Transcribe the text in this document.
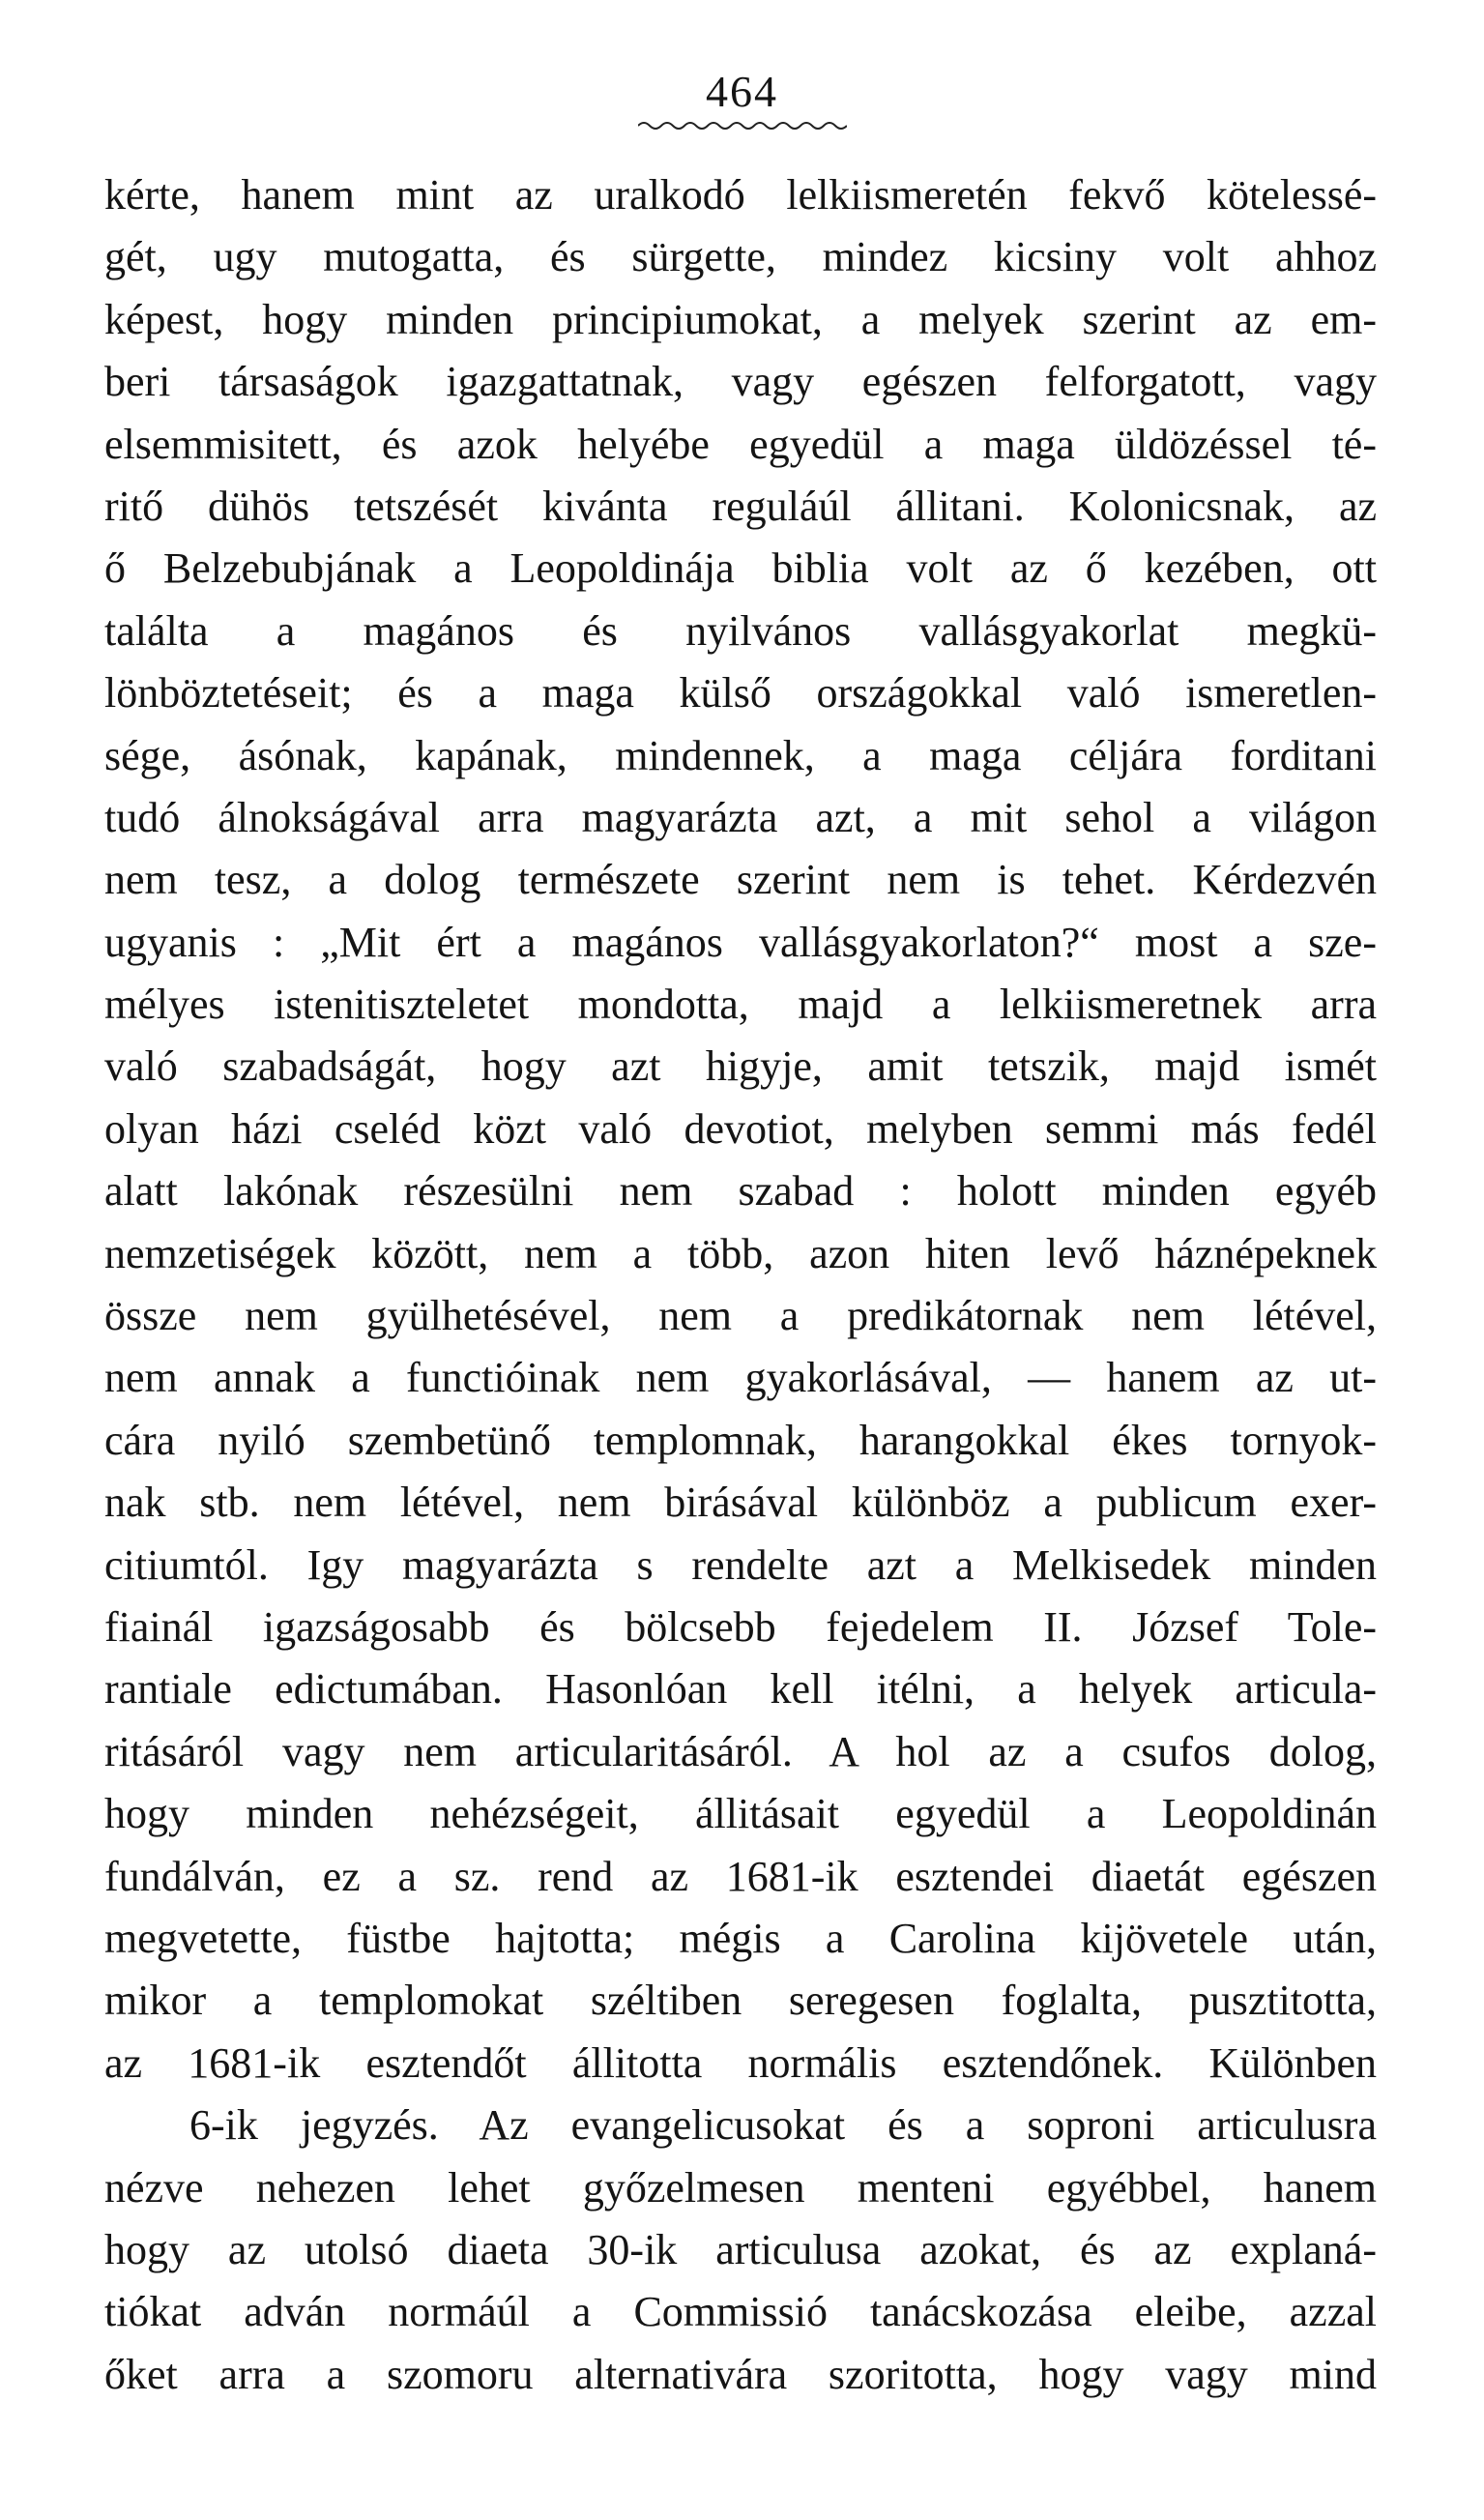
464
kérte, hanem mint az uralkodó lelkiismeretén fekvő kötelessé-
gét, ugy mutogatta, és sürgette, mindez kicsiny volt ahhoz
képest, hogy minden principiumokat, a melyek szerint az em-
beri társaságok igazgattatnak, vagy egészen felforgatott, vagy
elsemmisitett, és azok helyébe egyedül a maga üldözéssel té-
ritő dühös tetszését kivánta reguláúl állitani. Kolonicsnak, az
ő Belzebubjának a Leopoldinája biblia volt az ő kezében, ott
találta a magános és nyilvános vallásgyakorlat megkü-
lönböztetéseit; és a maga külső országokkal való ismeretlen-
sége, ásónak, kapának, mindennek, a maga céljára forditani
tudó álnokságával arra magyarázta azt, a mit sehol a világon
nem tesz, a dolog természete szerint nem is tehet. Kérdezvén
ugyanis : „Mit ért a magános vallásgyakorlaton?“ most a sze-
mélyes istenitiszteletet mondotta, majd a lelkiismeretnek arra
való szabadságát, hogy azt higyje, amit tetszik, majd ismét
olyan házi cseléd közt való devotiot, melyben semmi más fedél
alatt lakónak részesülni nem szabad : holott minden egyéb
nemzetiségek között, nem a több, azon hiten levő háznépeknek
össze nem gyülhetésével, nem a predikátornak nem létével,
nem annak a functióinak nem gyakorlásával, — hanem az ut-
cára nyiló szembetünő templomnak, harangokkal ékes tornyok-
nak stb. nem létével, nem birásával különböz a publicum exer-
citiumtól. Igy magyarázta s rendelte azt a Melkisedek minden
fiainál igazságosabb és bölcsebb fejedelem II. József Tole-
rantiale edictumában. Hasonlóan kell itélni, a helyek articula-
ritásáról vagy nem articularitásáról. A hol az a csufos dolog,
hogy minden nehézségeit, állitásait egyedül a Leopoldinán
fundálván, ez a sz. rend az 1681-ik esztendei diaetát egészen
megvetette, füstbe hajtotta; mégis a Carolina kijövetele után,
mikor a templomokat széltiben seregesen foglalta, pusztitotta,
az 1681-ik esztendőt állitotta normális esztendőnek. Különben
6-ik jegyzés. Az evangelicusokat és a soproni articulusra
nézve nehezen lehet győzelmesen menteni egyébbel, hanem
hogy az utolsó diaeta 30-ik articulusa azokat, és az explaná-
tiókat adván normáúl a Commissió tanácskozása eleibe, azzal
őket arra a szomoru alternativára szoritotta, hogy vagy mind
